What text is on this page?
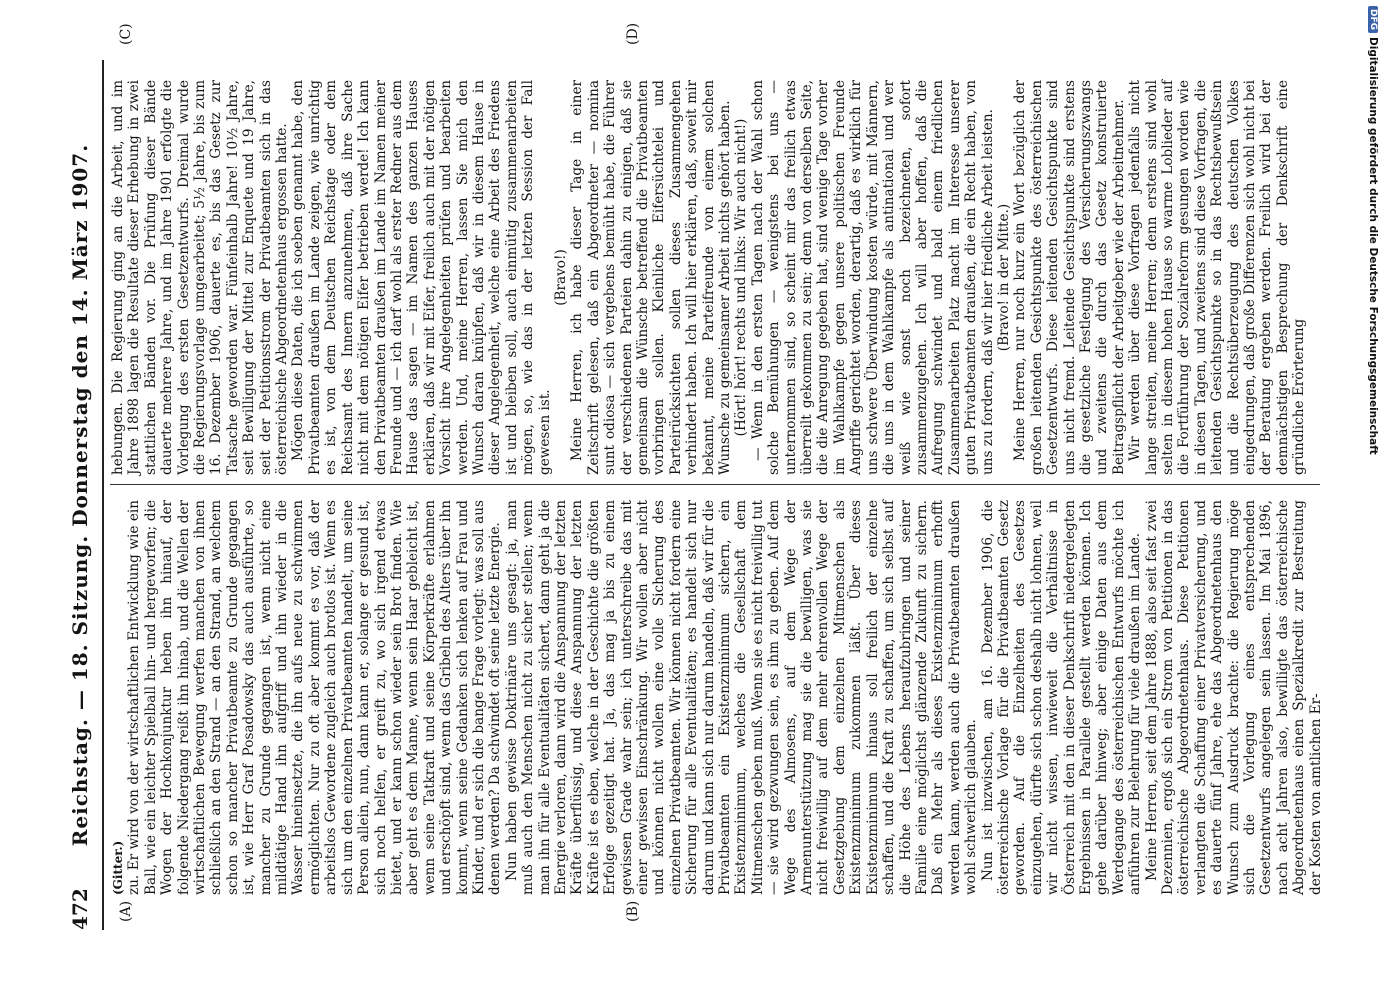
472
Reichstag. — 18. Sitzung. Donnerstag den 14. März 1907.
(A)	(B)
(C)	(D)

(Gitter.) zu. Er wird von der wirtschaftlichen Entwicklung wie ein Ball, wie ein leichter Spielball hin- und hergeworfen; die Wogen der Hochkonjunktur heben ihn hinauf, der folgende Niedergang reißt ihn hinab, und die Wellen der wirtschaftlichen Bewegung werfen manchen von ihnen schließlich an den Strand — an den Strand, an welchem schon so mancher Privatbeamte zu Grunde gegangen ist, wie Herr Graf Posadowsky das auch ausführte, so mancher zu Grunde gegangen ist, wenn nicht eine mildtätige Hand ihn aufgriff und ihn wieder in die Wasser hineinsetzte, die ihn aufs neue zu schwimmen ermöglichten. Nur zu oft aber kommt es vor, daß der arbeitslos Gewordene zugleich auch brotlos ist. Wenn es sich um den einzelnen Privatbeamten handelt, um seine Person allein, nun, dann kann er, solange er gesund ist, sich noch helfen, er greift zu, wo sich irgend etwas bietet, und er kann schon wieder sein Brot finden. Wie aber geht es dem Manne, wenn sein Haar gebleicht ist, wenn seine Tatkraft und seine Körperkräfte erlahmen und erschöpft sind, wenn das Gribeln des Alters über ihn kommt, wenn seine Gedanken sich lenken auf Frau und Kinder, und er sich die bange Frage vorlegt: was soll aus denen werden? Da schwindet oft seine letzte Energie. Nun haben gewisse Doktrinäre uns gesagt: ja, man muß auch den Menschen nicht zu sicher stellen; wenn man ihn für alle Eventualitäten sichert, dann geht ja die Energie verloren, dann wird die Anspannung der letzten Kräfte überflüssig, und diese Anspannung der letzten Kräfte ist es eben, welche in der Geschichte die größten Erfolge gezeitigt hat. Ja, das mag ja bis zu einem gewissen Grade wahr sein; ich unterschreibe das mit einer gewissen Einschränkung. Wir wollen aber nicht und können nicht wollen eine volle Sicherung des einzelnen Privatbeamten. Wir können nicht fordern eine Sicherung für alle Eventualitäten; es handelt sich nur darum und kann sich nur darum handeln, daß wir für die Privatbeamten ein Existenzminimum sichern, ein Existenzminimum, welches die Gesellschaft dem Mitmenschen geben muß. Wenn sie es nicht freiwillig tut — sie wird gezwungen sein, es ihm zu geben. Auf dem Wege des Almosens, auf dem Wege der Armenunterstützung mag sie die bewilligen, was sie nicht freiwillig auf dem mehr ehrenvollen Wege der Gesetzgebung dem einzelnen Mitmenschen als Existenzminimum zukommen läßt. Über dieses Existenzminimum hinaus soll freilich der einzelne schaffen, und die Kraft zu schaffen, um sich selbst auf die Höhe des Lebens heraufzubringen und seiner Familie eine möglichst glänzende Zukunft zu sichern. Daß ein Mehr als dieses Existenzminimum erhofft werden kann, werden auch die Privatbeamten draußen wohl schwerlich glauben. Nun ist inzwischen, am 16. Dezember 1906, die österreichische Vorlage für die Privatbeamten Gesetz geworden. Auf die Einzelheiten des Gesetzes einzugehen, dürfte sich schon deshalb nicht lohnen, weil wir nicht wissen, inwieweit die Verhältnisse in Österreich mit den in dieser Denkschrift niedergelegten Ergebnissen in Parallele gestellt werden können. Ich gehe darüber hinweg; aber einige Daten aus dem Werdegange des österreichischen Entwurfs möchte ich anführen zur Belehrung für viele draußen im Lande. Meine Herren, seit dem Jahre 1888, also seit fast zwei Dezennien, ergoß sich ein Strom von Petitionen in das österreichische Abgeordnetenhaus. Diese Petitionen verlangten die Schaffung einer Privatversicherung, und es dauerte fünf Jahre, ehe das Abgeordnetenhaus den Wunsch zum Ausdruck brachte: die Regierung möge sich die Vorlegung eines entsprechenden Gesetzentwurfs angelegen sein lassen. Im Mai 1896, nach acht Jahren also, bewilligte das österreichische Abgeordnetenhaus einen Spezialkredit zur Bestreitung der Kosten von amtlichen Er-

hebungen. Die Regierung ging an die Arbeit, und im Jahre 1898 lagen die Resultate dieser Erhebung in zwei stattlichen Bänden vor. Die Prüfung dieser Bände dauerte mehrere Jahre, und im Jahre 1901 erfolgte die Vorlegung des ersten Gesetzentwurfs. Dreimal wurde die Regierungsvorlage umgearbeitet; 5½ Jahre, bis zum 16. Dezember 1906, dauerte es, bis das Gesetz zur Tatsache geworden war. Fünfeinhalb Jahre! 10½ Jahre, seit Bewilligung der Mittel zur Enquete und 19 Jahre, seit der Petitionsstrom der Privatbeamten sich in das österreichische Abgeordnetenhaus ergossen hatte. Mögen diese Daten, die ich soeben genannt habe, den Privatbeamten draußen im Lande zeigen, wie unrichtig es ist, von dem Deutschen Reichstage oder dem Reichsamt des Innern anzunehmen, daß ihre Sache nicht mit dem nötigen Eifer betrieben werde! Ich kann den Privatbeamten draußen im Lande im Namen meiner Freunde und — ich darf wohl als erster Redner aus dem Hause das sagen — im Namen des ganzen Hauses erklären, daß wir mit Eifer, freilich auch mit der nötigen Vorsicht ihre Angelegenheiten prüfen und bearbeiten werden. Und, meine Herren, lassen Sie mich den Wunsch daran knüpfen, daß wir in diesem Hause in dieser Angelegenheit, welche eine Arbeit des Friedens ist und bleiben soll, auch einmütig zusammenarbeiten mögen, so, wie das in der letzten Session der Fall gewesen ist.

(Bravo!) Meine Herren, ich habe dieser Tage in einer Zeitschrift gelesen, daß ein Abgeordneter — nomina sunt odiosa — sich vergebens bemüht habe, die Führer der verschiedenen Parteien dahin zu einigen, daß sie gemeinsam die Wünsche betreffend die Privatbeamten vorbringen sollen. Kleinliche Eifersüchtelei und Parteirücksichten sollen dieses Zusammengehen verhindert haben. Ich will hier erklären, daß, soweit mir bekannt, meine Parteifreunde von einem solchen Wunsche zu gemeinsamer Arbeit nichts gehört haben. (Hört! hört! rechts und links: Wir auch nicht!) — Wenn in den ersten Tagen nach der Wahl schon solche Bemühungen — wenigstens bei uns — unternommen sind, so scheint mir das freilich etwas überreilt gekommen zu sein; denn von derselben Seite, die die Anregung gegeben hat, sind wenige Tage vorher im Wahlkampfe gegen unsere politischen Freunde Angriffe gerichtet worden, derartig, daß es wirklich für uns schwere Überwindung kosten würde, mit Männern, die uns in dem Wahlkampfe als antinational und wer weiß wie sonst noch bezeichneten, sofort zusammenzugehen. Ich will aber hoffen, daß die Aufregung schwindet und bald einem friedlichen Zusammenarbeiten Platz macht im Interesse unserer guten Privatbeamten draußen, die ein Recht haben, von uns zu fordern, daß wir hier friedliche Arbeit leisten. (Bravo! in der Mitte.) Meine Herren, nur noch kurz ein Wort bezüglich der großen leitenden Gesichtspunkte des österreichischen Gesetzentwurfs. Diese leitenden Gesichtspunkte sind uns nicht fremd. Leitende Gesichtspunkte sind erstens die gesetzliche Festlegung des Versicherungszwangs und zweitens die durch das Gesetz konstruierte Beitragspflicht der Arbeitgeber wie der Arbeitnehmer. Wir werden über diese Vorfragen jedenfalls nicht lange streiten, meine Herren; denn erstens sind wohl selten in diesem hohen Hause so warme Loblieder auf die Fortführung der Sozialreform gesungen worden wie in diesen Tagen, und zweitens sind diese Vorfragen, die leitenden Gesichtspunkte so in das Rechtsbewußtsein und die Rechtsüberzeugung des deutschen Volkes eingedrungen, daß große Differenzen sich wohl nicht bei der Beratung ergeben werden. Freilich wird bei der demnächstigen Besprechung der Denkschrift eine gründliche Erörterung

DFG
Digitalisierung gefördert durch die Deutsche Forschungsgemeinschaft
